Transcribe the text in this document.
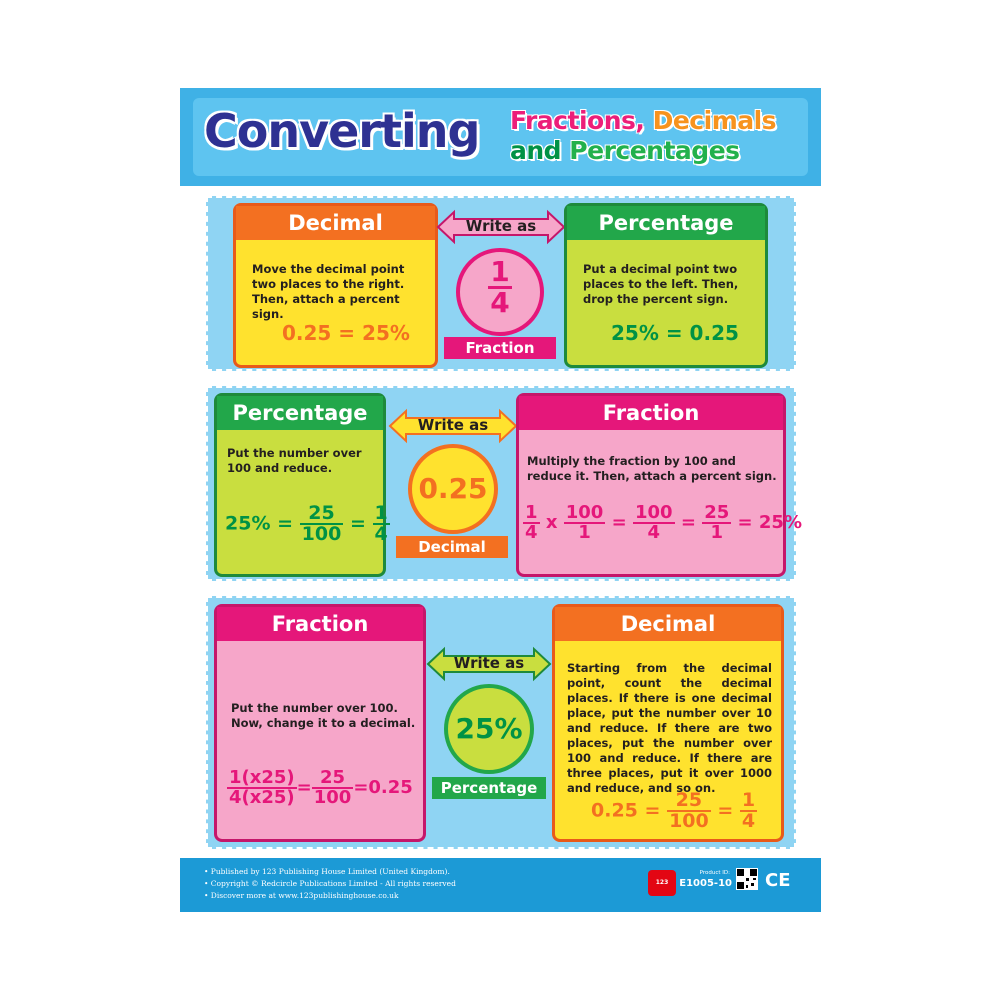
Converting Fractions, Decimals
and Percentages
Decimal
Move the decimal point two places to the right. Then, attach a percent sign.
0.25 = 25%
Write as
$\frac{1}{4}$
Fraction
Percentage
Put a decimal point two places to the left. Then, drop the percent sign.
25% = 0.25
Percentage
Put the number over 100 and reduce.
$25\% = \frac{25}{100} = \frac{1}{4}$
Write as
0.25
Decimal
Fraction
Multiply the fraction by 100 and reduce it. Then, attach a percent sign.
$\frac{1}{4}$ x $\frac{100}{1} = \frac{100}{4} = \frac{25}{1} = 25\%$
Fraction
Put the number over 100. Now, change it to a decimal.
$\frac{1(x25)}{4(x25)} = \frac{25}{100} =0.25$
Write as
25%
Percentage
Decimal
Starting from the decimal point, count the decimal places. If there is one decimal place, put the number over 10 and reduce. If there are two places, put the number over 100 and reduce. If there are three places, put it over 1000 and reduce, and so on.
$0.25 = \frac{25}{100} = \frac{1}{4}$
• Published by 123 Publishing House Limited (United Kingdom).
• Copyright © Redcircle Publications Limited - All rights reserved
• Discover more at www.123publishinghouse.co.uk
123
Product ID:
E1005-10 CE
